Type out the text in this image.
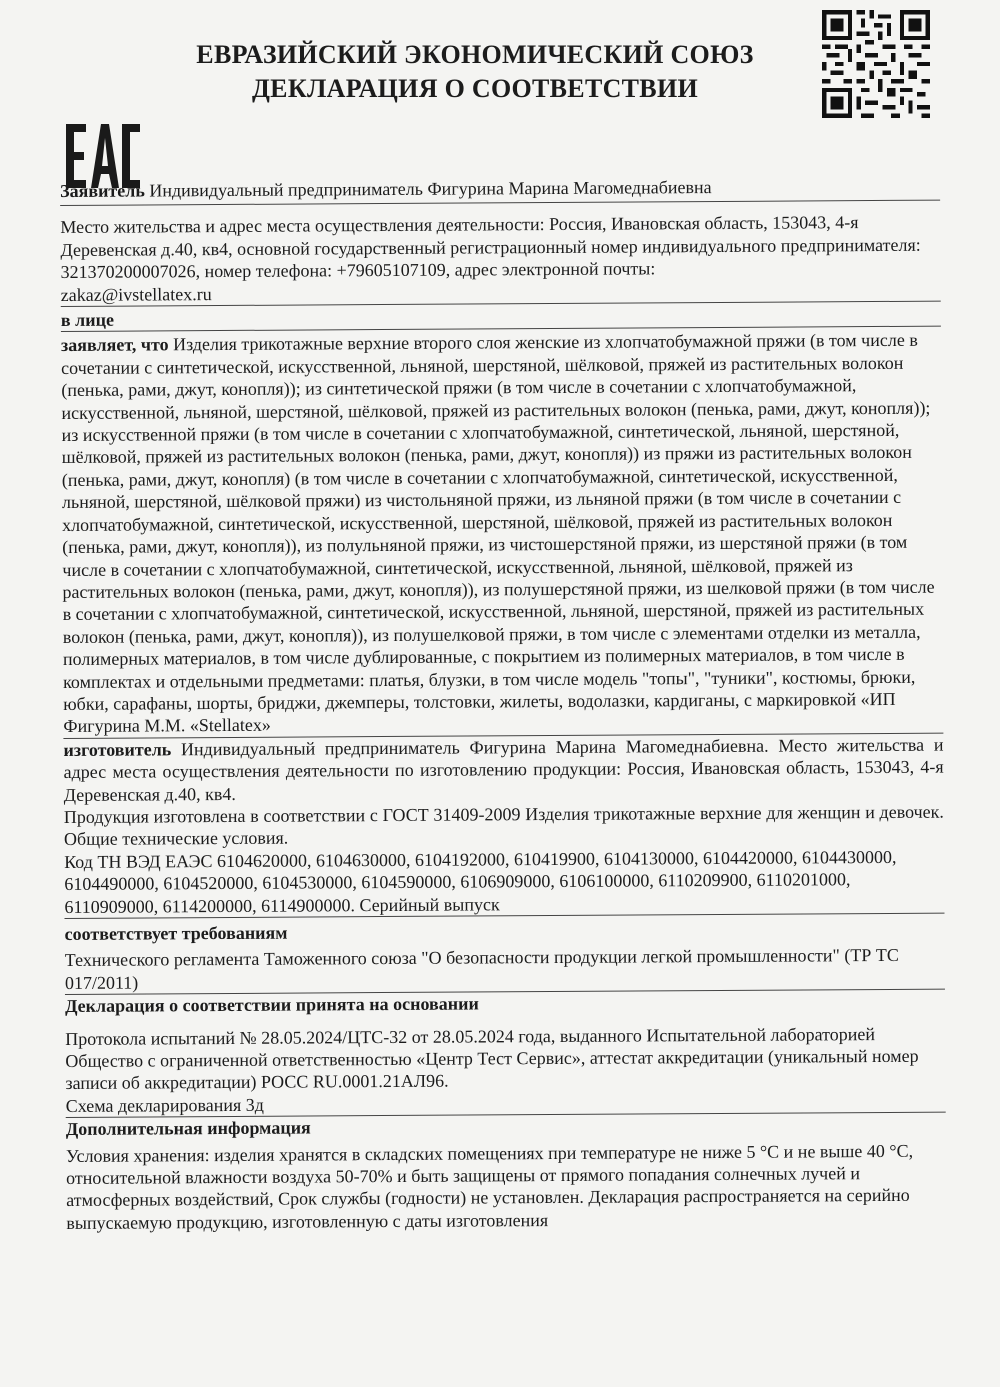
ЕВРАЗИЙСКИЙ ЭКОНОМИЧЕСКИЙ СОЮЗ
ДЕКЛАРАЦИЯ О СООТВЕТСТВИИ
Заявитель Индивидуальный предприниматель Фигурина Марина Магомеднабиевна
Место жительства и адрес места осуществления деятельности: Россия, Ивановская область, 153043, 4-я Деревенская д.40, кв4, основной государственный регистрационный номер индивидуального предпринимателя: 321370200007026, номер телефона: +79605107109, адрес электронной почты:
zakaz@ivstellatex.ru
в лице
заявляет, что Изделия трикотажные верхние второго слоя женские из хлопчатобумажной пряжи (в том числе в сочетании с синтетической, искусственной, льняной, шерстяной, шёлковой, пряжей из растительных волокон (пенька, рами, джут, конопля)); из синтетической пряжи (в том числе в сочетании с хлопчатобумажной, искусственной, льняной, шерстяной, шёлковой, пряжей из растительных волокон (пенька, рами, джут, конопля)); из искусственной пряжи (в том числе в сочетании с хлопчатобумажной, синтетической, льняной, шерстяной, шёлковой, пряжей из растительных волокон (пенька, рами, джут, конопля)) из пряжи из растительных волокон (пенька, рами, джут, конопля) (в том числе в сочетании с хлопчатобумажной, синтетической, искусственной, льняной, шерстяной, шёлковой пряжи) из чистольняной пряжи, из льняной пряжи (в том числе в сочетании с хлопчатобумажной, синтетической, искусственной, шерстяной, шёлковой, пряжей из растительных волокон (пенька, рами, джут, конопля)), из полульняной пряжи, из чистошерстяной пряжи, из шерстяной пряжи (в том числе в сочетании с хлопчатобумажной, синтетической, искусственной, льняной, шёлковой, пряжей из растительных волокон (пенька, рами, джут, конопля)), из полушерстяной пряжи, из шелковой пряжи (в том числе в сочетании с хлопчатобумажной, синтетической, искусственной, льняной, шерстяной, пряжей из растительных волокон (пенька, рами, джут, конопля)), из полушелковой пряжи, в том числе с элементами отделки из металла, полимерных материалов, в том числе дублированные, с покрытием из полимерных материалов, в том числе в комплектах и отдельными предметами: платья, блузки, в том числе модель "топы", "туники", костюмы, брюки, юбки, сарафаны, шорты, бриджи, джемперы, толстовки, жилеты, водолазки, кардиганы, с маркировкой «ИП Фигурина М.М. «Stellatex»
изготовитель Индивидуальный предприниматель Фигурина Марина Магомеднабиевна. Место жительства и адрес места осуществления деятельности по изготовлению продукции: Россия, Ивановская область, 153043, 4-я Деревенская д.40, кв4.
Продукция изготовлена в соответствии с ГОСТ 31409-2009 Изделия трикотажные верхние для женщин и девочек. Общие технические условия.
Код ТН ВЭД ЕАЭС 6104620000, 6104630000, 6104192000, 610419900, 6104130000, 6104420000, 6104430000, 6104490000, 6104520000, 6104530000, 6104590000, 6106909000, 6106100000, 6110209900, 6110201000, 6110909000, 6114200000, 6114900000. Серийный выпуск
соответствует требованиям
Технического регламента Таможенного союза "О безопасности продукции легкой промышленности" (ТР ТС 017/2011)
Декларация о соответствии принята на основании
Протокола испытаний № 28.05.2024/ЦТС-32 от 28.05.2024 года, выданного Испытательной лабораторией Общество с ограниченной ответственностью «Центр Тест Сервис», аттестат аккредитации (уникальный номер записи об аккредитации) РОСС RU.0001.21АЛ96.
Схема декларирования 3д
Дополнительная информация
Условия хранения: изделия хранятся в складских помещениях при температуре не ниже 5 °С и не выше 40 °С, относительной влажности воздуха 50-70% и быть защищены от прямого попадания солнечных лучей и атмосферных воздействий, Срок службы (годности) не установлен. Декларация распространяется на серийно выпускаемую продукцию, изготовленную с даты изготовления
